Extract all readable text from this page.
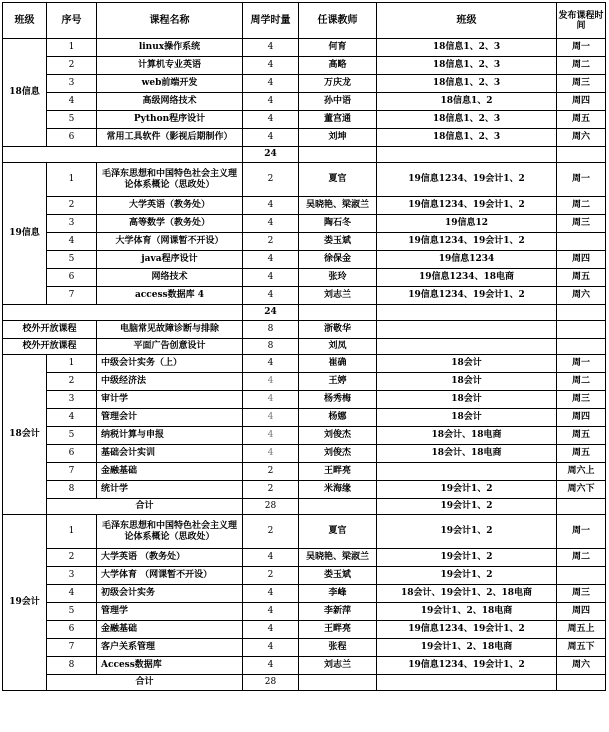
班级	序号	课程名称	周学时量	任课教师	班级	发布课程时间
18信息	1	linux操作系统	4	何育	18信息1、2、3	周一
	2	计算机专业英语	4	高略	18信息1、2、3	周二
	3	web前端开发	4	万庆龙	18信息1、2、3	周三
	4	高级网络技术	4	孙中语	18信息1、2	周四
	5	Python程序设计	4	董宫通	18信息1、2、3	周五
	6	常用工具软件（影视后期制作）	4	刘坤	18信息1、2、3	周六
			24			
19信息	1	毛泽东思想和中国特色社会主义理论体系概论（思政处）	2	夏官	19信息1234、19会计1、2	周一
	2	大学英语（教务处）	4	吴晓艳、梁淑兰	19信息1234、19会计1、2	周二
	3	高等数学（教务处）	4	陶石冬	19信息12	周三
	4	大学体育（网课暂不开设）	2	娄玉斌	19信息1234、19会计1、2	
	5	java程序设计	4	徐保金	19信息1234	周四
	6	网络技术	4	张玲	19信息1234、18电商	周五
	7	access数据库 4	4	刘志兰	19信息1234、19会计1、2	周六
			24			
校外开放课程		电脑常见故障诊断与排除	8	浙敬华		
校外开放课程		平面广告创意设计	8	刘凤		
18会计	1	中级会计实务（上）	4	崔确	18会计	周一
	2	中级经济法	4	王婷	18会计	周二
	3	审计学	4	杨秀梅	18会计	周三
	4	管理会计	4	杨娜	18会计	周四
	5	纳税计算与申报	4	刘俊杰	18会计、18电商	周五
	6	基础会计实训	4	刘俊杰	18会计、18电商	周五
	7	金融基础	2	王畔亮		周六上
	8	统计学	2	米海缘	19会计1、2	周六下
	合计		28		19会计1、2	
19会计	1	毛泽东思想和中国特色社会主义理论体系概论（思政处）	2	夏官	19会计1、2	周一
	2	大学英语 （教务处）	4	吴晓艳、梁淑兰	19会计1、2	周二
	3	大学体育 （网课暂不开设）	2	娄玉斌	19会计1、2	
	4	初级会计实务	4	李峰	18会计、19会计1、2、18电商	周三
	5	管理学	4	李新萍	19会计1、2、18电商	周四
	6	金融基础	4	王畔亮	19信息1234、19会计1、2	周五上
	7	客户关系管理	4	张程	19会计1、2、18电商	周五下
	8	Access数据库	4	刘志兰	19信息1234、19会计1、2	周六
	合计		28			
